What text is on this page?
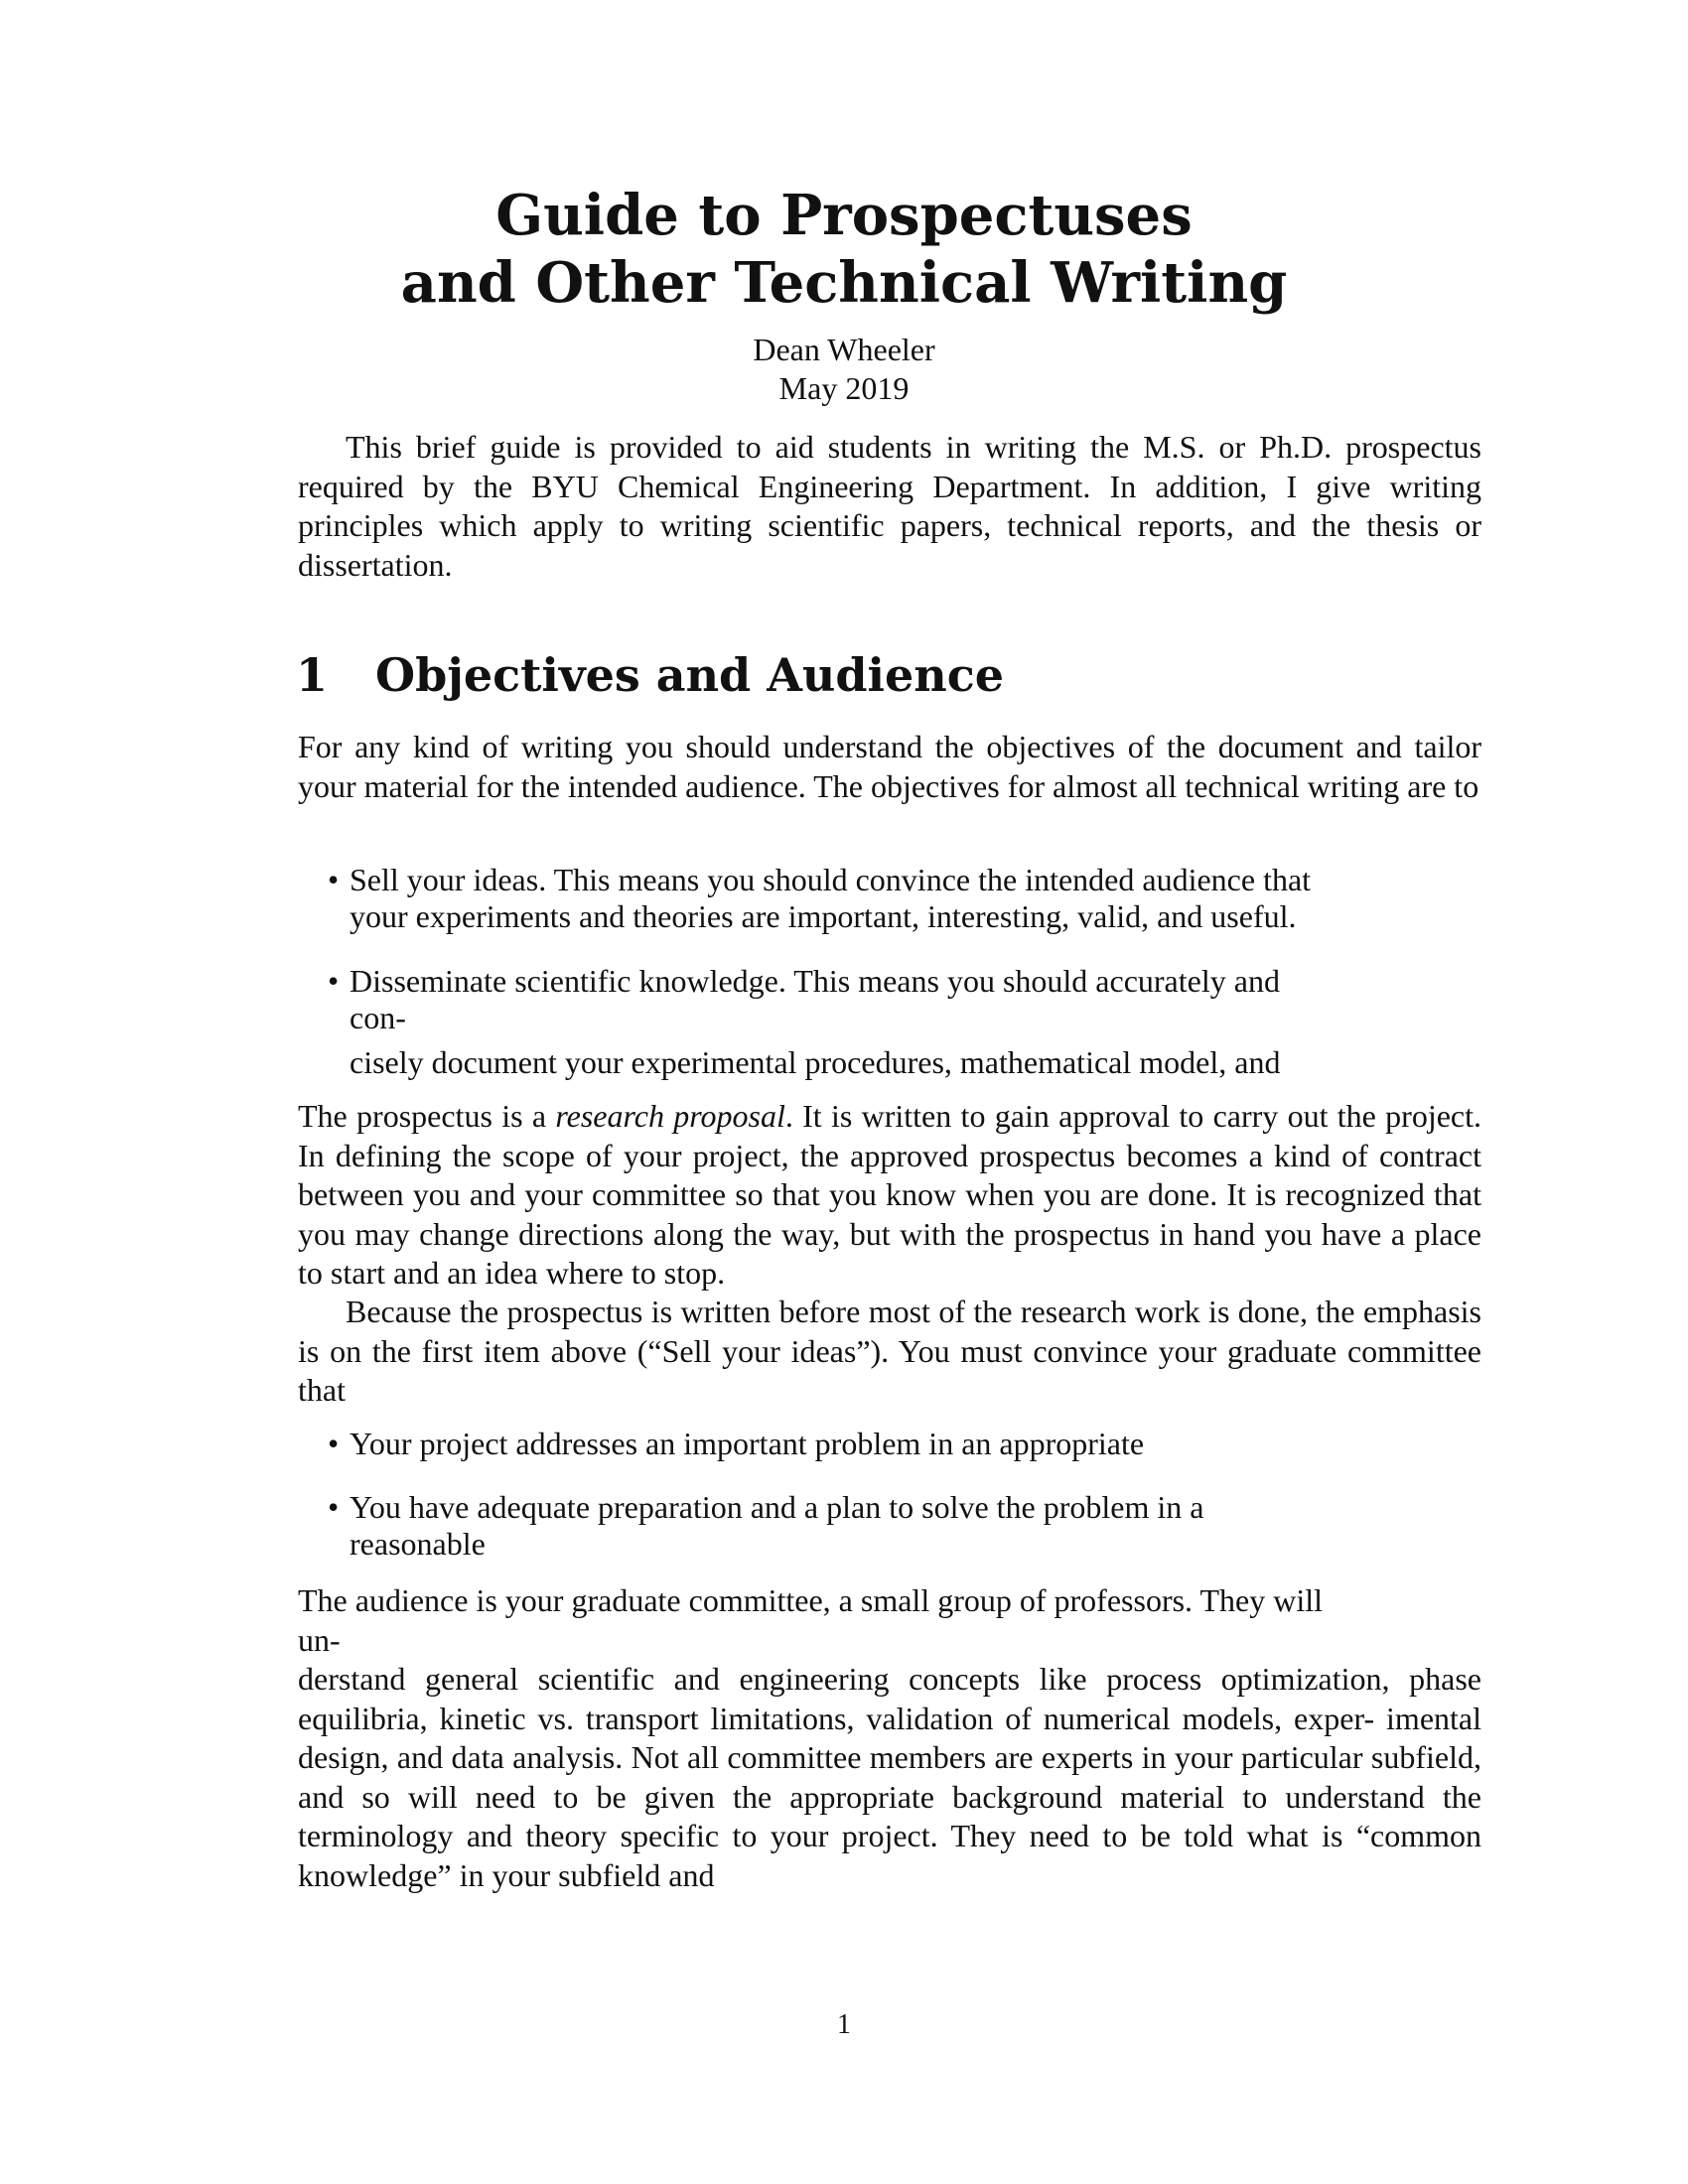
Guide to Prospectuses
and Other Technical Writing
Dean Wheeler
May 2019

This brief guide is provided to aid students in writing the M.S. or Ph.D. prospectus required by the BYU Chemical Engineering Department. In addition, I give writing principles which apply to writing scientific papers, technical reports, and the thesis or dissertation.

1 Objectives and Audience

For any kind of writing you should understand the objectives of the document and tailor your material for the intended audience. The objectives for almost all technical writing are to

• Sell your ideas. This means you should convince the intended audience that
your experiments and theories are important, interesting, valid, and useful.
• Disseminate scientific knowledge. This means you should accurately and
con-
cisely document your experimental procedures, mathematical model, and

The prospectus is a research proposal. It is written to gain approval to carry out the project. In defining the scope of your project, the approved prospectus becomes a kind of contract between you and your committee so that you know when you are done. It is recognized that you may change directions along the way, but with the prospectus in hand you have a place to start and an idea where to stop.

Because the prospectus is written before most of the research work is done, the emphasis is on the first item above (“Sell your ideas”). You must convince your graduate committee that

• Your project addresses an important problem in an appropriate
• You have adequate preparation and a plan to solve the problem in a
reasonable
The audience is your graduate committee, a small group of professors. They will
un-

derstand general scientific and engineering concepts like process optimization, phase equilibria, kinetic vs. transport limitations, validation of numerical models, exper- imental design, and data analysis. Not all committee members are experts in your particular subfield, and so will need to be given the appropriate background material to understand the terminology and theory specific to your project. They need to be told what is “common knowledge” in your subfield and

1
